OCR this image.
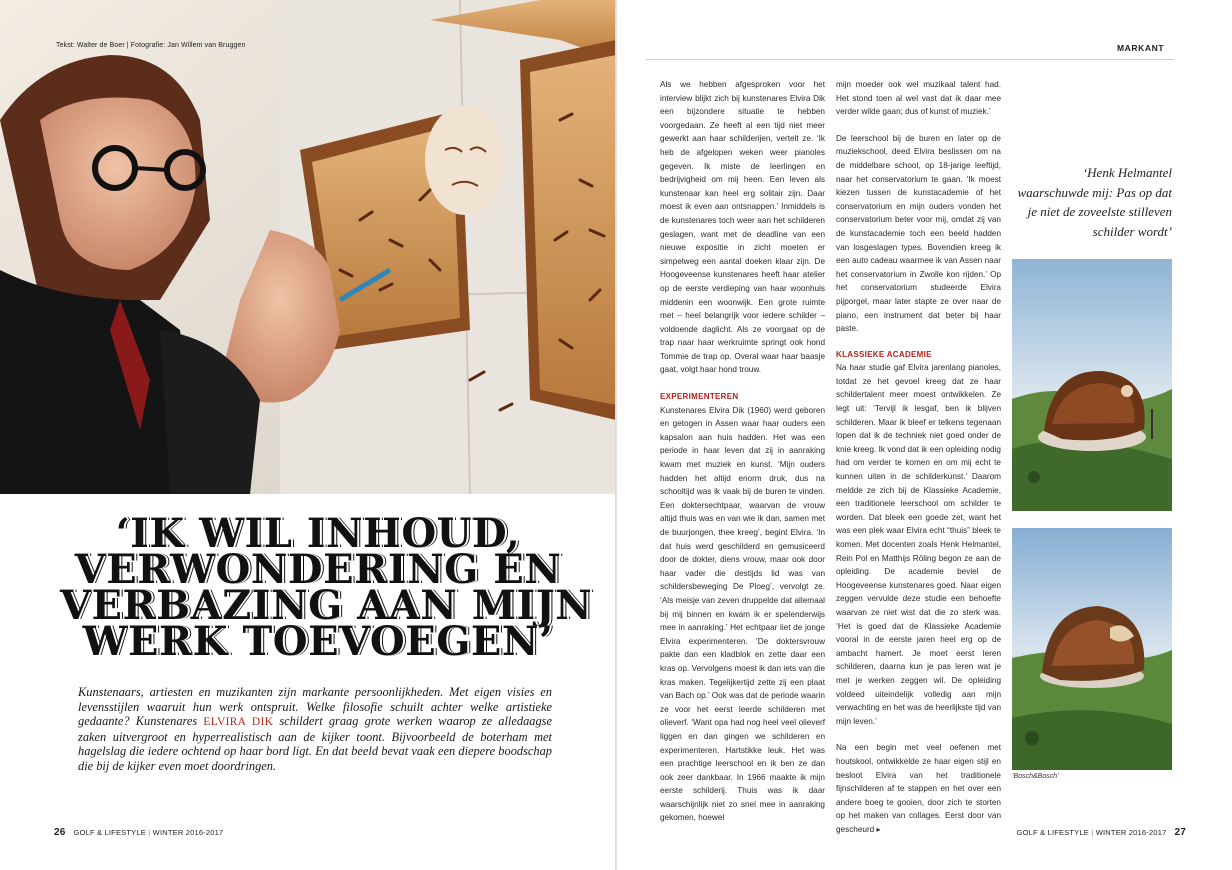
Tekst: Walter de Boer | Fotografie: Jan Willem van Bruggen
‘IK WIL INHOUD,
VERWONDERING EN
VERBAZING AAN MIJN
WERK TOEVOEGEN’

Kunstenaars, artiesten en muzikanten zijn markante persoonlijkheden. Met eigen visies en levensstijlen waaruit hun werk ontspruit. Welke filosofie schuilt achter welke artistieke gedaante? Kunstenares ELVIRA DIK schildert graag grote werken waarop ze alledaagse zaken uitvergroot en hyperrealistisch aan de kijker toont. Bijvoorbeeld de boterham met hagelslag die iedere ochtend op haar bord ligt. En dat beeld bevat vaak een diepere boodschap die bij de kijker even moet doordringen.

26 GOLF & LIFESTYLE | WINTER 2016-2017
MARKANT

Als we hebben afgesproken voor het interview blijkt zich bij kunstenares Elvira Dik een bijzondere situatie te hebben voorgedaan. Ze heeft al een tijd niet meer gewerkt aan haar schilderijen, vertelt ze. ‘Ik heb de afgelopen weken weer pianoles gegeven. Ik miste de leerlingen en bedrijvigheid om mij heen. Een leven als kunstenaar kan heel erg solitair zijn. Daar moest ik even aan ontsnappen.’ Inmiddels is de kunstenares toch weer aan het schilderen geslagen, want met de deadline van een nieuwe expositie in zicht moeten er simpelweg een aantal doeken klaar zijn. De Hoogeveense kunstenares heeft haar atelier op de eerste verdieping van haar woonhuis middenin een woonwijk. Een grote ruimte met – heel belangrijk voor iedere schilder – voldoende daglicht. Als ze voorgaat op de trap naar haar werkruimte springt ook hond Tommie de trap op. Overal waar haar baasje gaat, volgt haar hond trouw.

EXPERIMENTEREN

Kunstenares Elvira Dik (1960) werd geboren en getogen in Assen waar haar ouders een kapsalon aan huis hadden. Het was een periode in haar leven dat zij in aanraking kwam met muziek en kunst. ‘Mijn ouders hadden het altijd enorm druk, dus na schooltijd was ik vaak bij de buren te vinden. Een doktersechtpaar, waarvan de vrouw altijd thuis was en van wie ik dan, samen met de buurjongen, thee kreeg’, begint Elvira. ‘In dat huis werd geschilderd en gemusiceerd door de dokter, diens vrouw, maar ook door haar vader die destijds lid was van schildersbeweging De Ploeg’, vervolgt ze. ‘Als meisje van zeven druppelde dat allemaal bij mij binnen en kwam ik er spelenderwijs mee in aanraking.’ Het echtpaar liet de jonge Elvira experimenteren. ‘De doktersvrouw pakte dan een kladblok en zette daar een kras op. Vervolgens moest ik dan iets van die kras maken. Tegelijkertijd zette zij een plaat van Bach op.’ Ook was dat de periode waarin ze voor het eerst leerde schilderen met olieverf. ‘Want opa had nog heel veel olieverf liggen en dan gingen we schilderen en experimenteren. Hartstikke leuk. Het was een prachtige leerschool en ik ben ze dan ook zeer dankbaar. In 1966 maakte ik mijn eerste schilderij. Thuis was ik daar waarschijnlijk niet zo snel mee in aanraking gekomen, hoewel

mijn moeder ook wel muzikaal talent had. Het stond toen al wel vast dat ik daar mee verder wilde gaan; dus of kunst of muziek.’

De leerschool bij de buren en later op de muziekschool, deed Elvira beslissen om na de middelbare school, op 18-jarige leeftijd, naar het conservatorium te gaan. ‘Ik moest kiezen tussen de kunstacademie of het conservatorium en mijn ouders vonden het conservatorium beter voor mij, omdat zij van de kunstacademie toch een beeld hadden van losgeslagen types. Bovendien kreeg ik een auto cadeau waarmee ik van Assen naar het conservatorium in Zwolle kon rijden.’ Op het conservatorium studeerde Elvira pijporgel, maar later stapte ze over naar de piano, een instrument dat beter bij haar paste.

KLASSIEKE ACADEMIE

Na haar studie gaf Elvira jarenlang pianoles, totdat ze het gevoel kreeg dat ze haar schildertalent meer moest ontwikkelen. Ze legt uit: ‘Tervijl ik lesgaf, ben ik blijven schilderen. Maar ik bleef er telkens tegenaan lopen dat ik de techniek niet goed onder de knie kreeg. Ik vond dat ik een opleiding nodig had om verder te komen en om mij echt te kunnen uiten in de schilderkunst.’ Daarom meldde ze zich bij de Klassieke Academie, een traditionele leerschool om schilder te worden. Dat bleek een goede zet, want het was een plek waar Elvira echt “thuis” bleek te komen. Met docenten zoals Henk Helmantel, Rein Pol en Matthijs Röling begon ze aan de opleiding. De academie beviel de Hoogeveense kunstenares goed. Naar eigen zeggen vervulde deze studie een behoefte waarvan ze niet wist dat die zo sterk was. ‘Het is goed dat de Klassieke Academie vooral in de eerste jaren heel erg op de ambacht hamert. Je moet eerst leren schilderen, daarna kun je pas leren wat je met je werken zeggen wil. De opleiding voldeed uiteindelijk volledig aan mijn verwachting en het was de heerlijkste tijd van mijn leven.’

Na een begin met veel oefenen met houtskool, ontwikkelde ze haar eigen stijl en besloot Elvira van het traditionele fijnschilderen af te stappen en het over een andere boeg te gooien, door zich te storten op het maken van collages. Eerst door van gescheurd ▸

‘Henk Helmantel waarschuwde mij: Pas op dat je niet de zoveelste stilleven schilder wordt’

‘Bosch&Bosch’
GOLF & LIFESTYLE | WINTER 2016-2017 27
